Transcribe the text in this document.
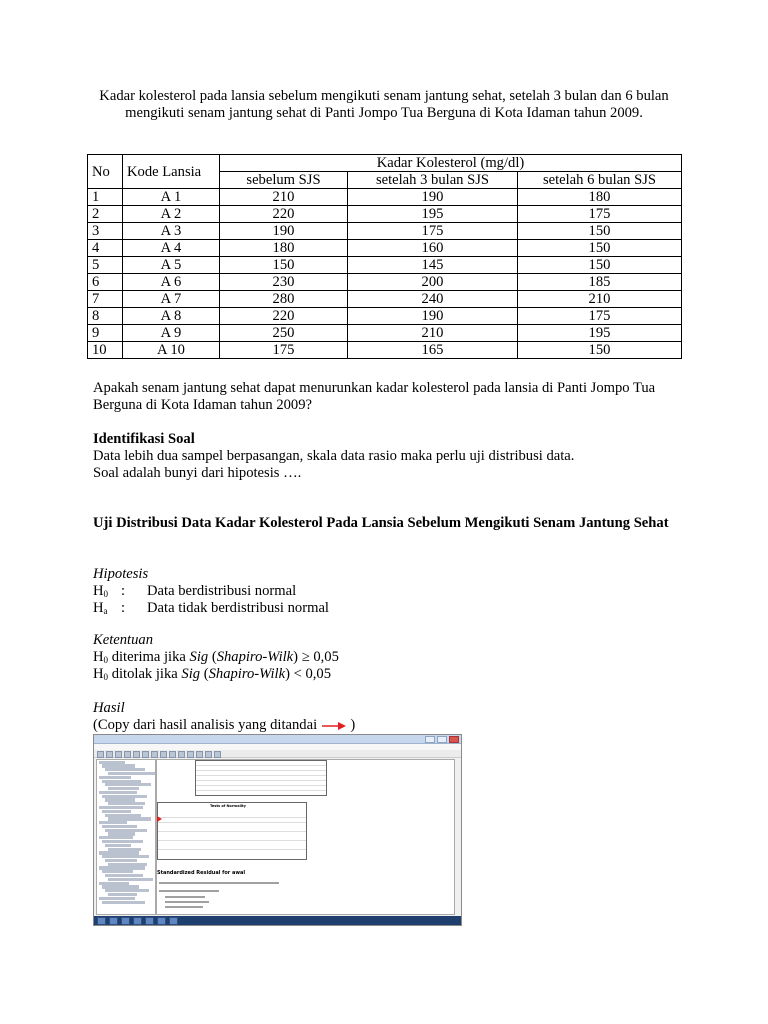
Kadar kolesterol pada lansia sebelum mengikuti senam jantung sehat, setelah 3 bulan dan 6 bulan mengikuti senam jantung sehat di Panti Jompo Tua Berguna di Kota Idaman tahun 2009.
No	Kode Lansia	Kadar Kolesterol (mg/dl)		
		sebelum SJS	setelah 3 bulan SJS	setelah 6 bulan SJS
1	A 1	210	190	180
2	A 2	220	195	175
3	A 3	190	175	150
4	A 4	180	160	150
5	A 5	150	145	150
6	A 6	230	200	185
7	A 7	280	240	210
8	A 8	220	190	175
9	A 9	250	210	195
10	A 10	175	165	150
Apakah senam jantung sehat dapat menurunkan kadar kolesterol pada lansia di Panti Jompo Tua Berguna di Kota Idaman tahun 2009?
Identifikasi Soal
Data lebih dua sampel berpasangan, skala data rasio maka perlu uji distribusi data.
Soal adalah bunyi dari hipotesis ….
Uji Distribusi Data Kadar Kolesterol Pada Lansia Sebelum Mengikuti Senam Jantung Sehat
Hipotesis
$H_0$ :	Data berdistribusi normal
$H_a$ :	Data tidak berdistribusi normal
Ketentuan
$H_0$ diterima jika Sig (Shapiro-Wilk) ≥ 0,05
$H_0$ ditolak jika Sig (Shapiro-Wilk) < 0,05
Hasil
(Copy dari hasil analisis yang ditandai  )
Tests of Normality
Standardized Residual for awal
